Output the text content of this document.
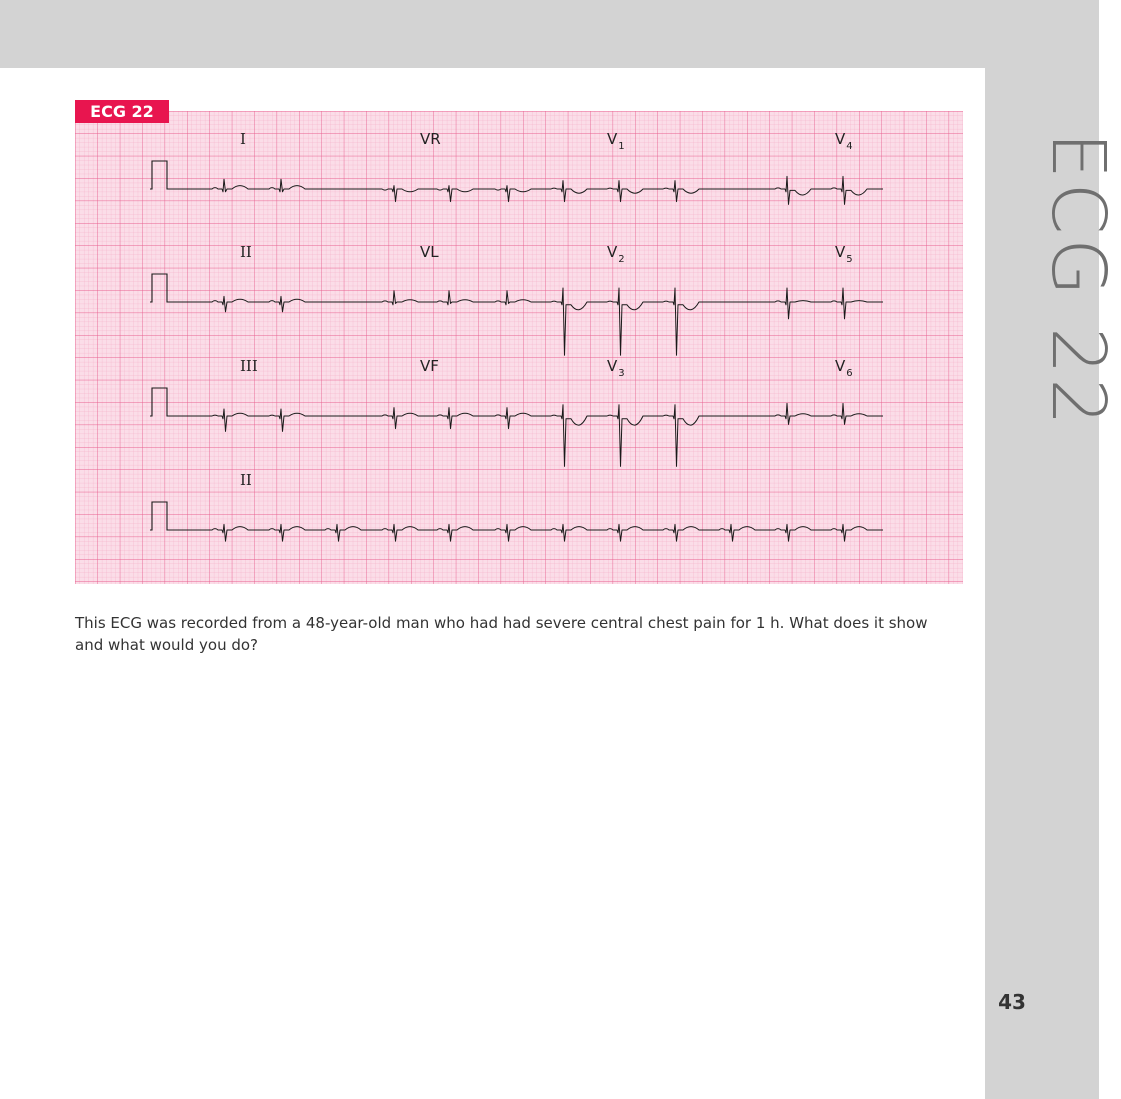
ECG 22
ECG 22
I	VR	$V_1$	$V_4$
II	VL	$V_2$	$V_5$
III	VF	$V_3$	$V_6$
II
This ECG was recorded from a 48-year-old man who had had severe central chest pain for 1 h. What does it show and what would you do?
43
